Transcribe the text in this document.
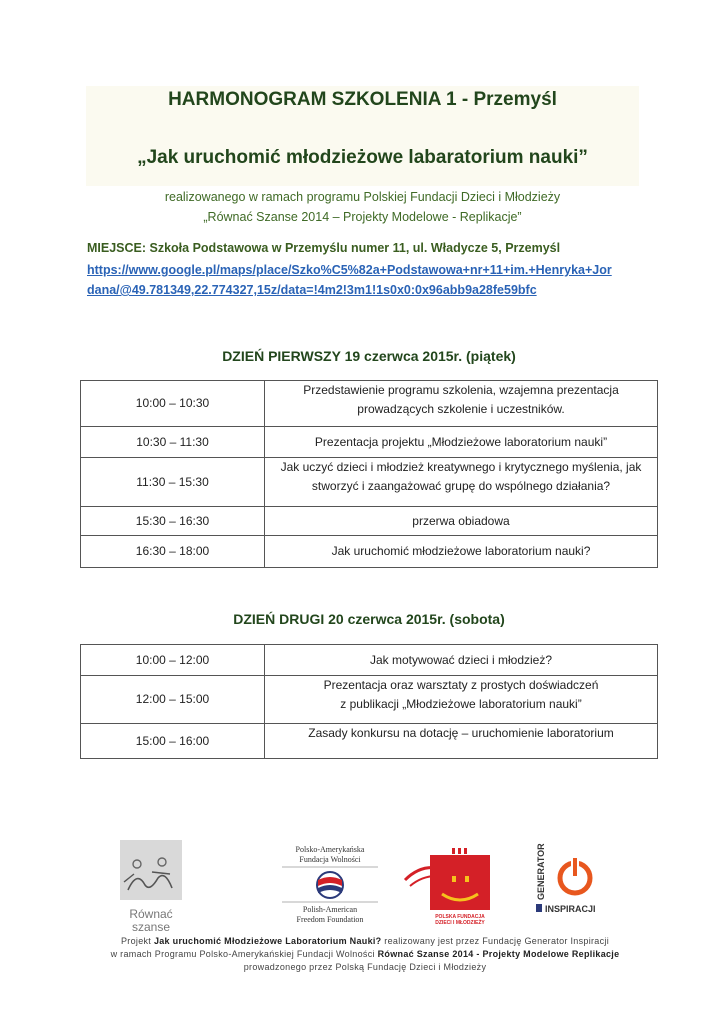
HARMONOGRAM SZKOLENIA 1 - Przemyśl
„Jak uruchomić młodzieżowe labaratorium nauki”
realizowanego w ramach programu Polskiej Fundacji Dzieci i Młodzieży
„Równać Szanse 2014 – Projekty Modelowe - Replikacje”
MIEJSCE: Szkoła Podstawowa w Przemyślu numer 11, ul. Władycze 5, Przemyśl
https://www.google.pl/maps/place/Szko%C5%82a+Podstawowa+nr+11+im.+Henryka+Jor
dana/@49.781349,22.774327,15z/data=!4m2!3m1!1s0x0:0x96abb9a28fe59bfc
DZIEŃ PIERWSZY 19 czerwca 2015r. (piątek)
10:00 – 10:30	Przedstawienie programu szkolenia, wzajemna prezentacja
prowadzących szkolenie i uczestników.
10:30 – 11:30	Prezentacja projektu „Młodzieżowe laboratorium nauki”
11:30 – 15:30	Jak uczyć dzieci i młodzież kreatywnego i krytycznego myślenia, jak
stworzyć i zaangażować grupę do wspólnego działania?
15:30 – 16:30	przerwa obiadowa
16:30 – 18:00	Jak uruchomić młodzieżowe laboratorium nauki?
DZIEŃ DRUGI 20 czerwca 2015r. (sobota)
10:00 – 12:00	Jak motywować dzieci i młodzież?
12:00 – 15:00	Prezentacja oraz warsztaty z prostych doświadczeń
z publikacji „Młodzieżowe laboratorium nauki”
15:00 – 16:00	Zasady konkursu na dotację – uruchomienie laboratorium
Równać
szanse
Polsko-Amerykańska
Fundacja Wolności
Polish-American
Freedom Foundation	POLSKA FUNDACJA
DZIECI I MŁODZIEŻY
GENERATOR
INSPIRACJI
Projekt Jak uruchomić Młodzieżowe Laboratorium Nauki? realizowany jest przez Fundację Generator Inspiracji
w ramach Programu Polsko-Amerykańskiej Fundacji Wolności Równać Szanse 2014 - Projekty Modelowe Replikacje
prowadzonego przez Polską Fundację Dzieci i Młodzieży
